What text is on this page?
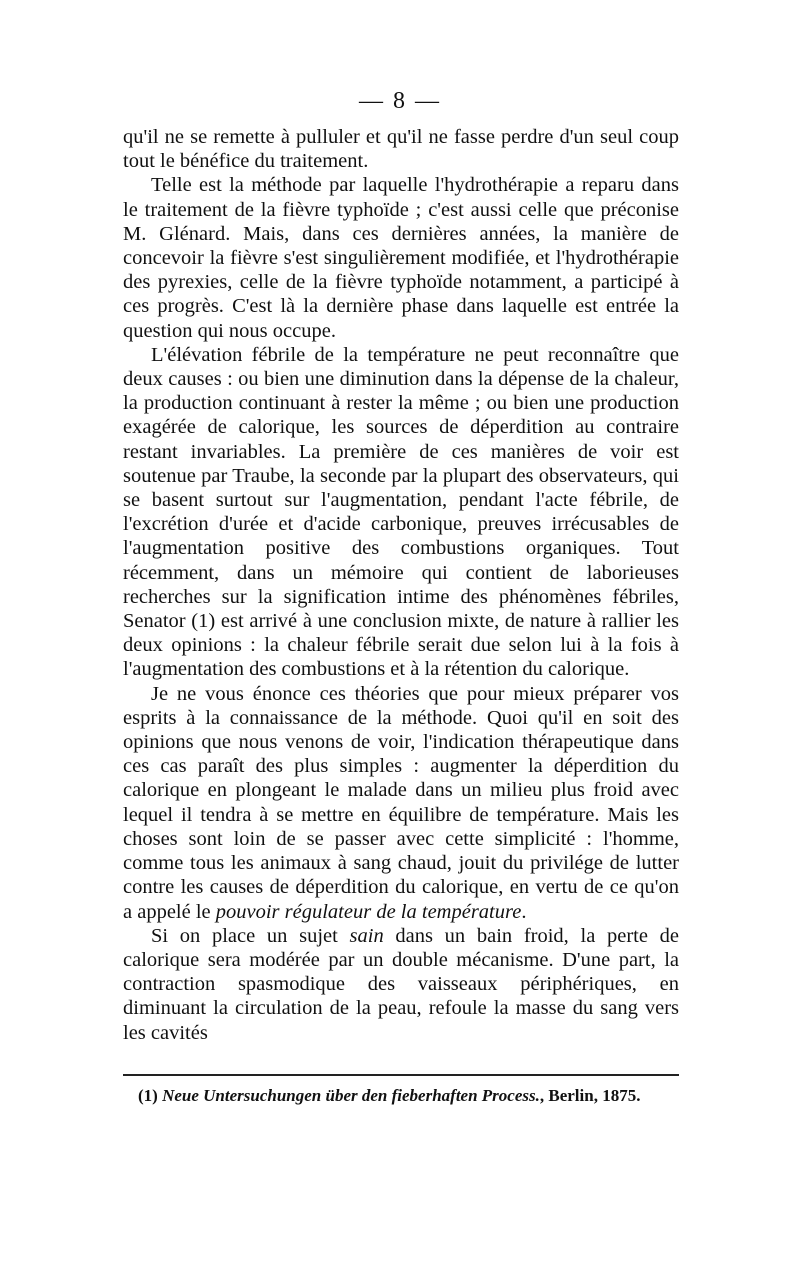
— 8 —

qu'il ne se remette à pulluler et qu'il ne fasse perdre d'un seul coup tout le bénéfice du traitement.

Telle est la méthode par laquelle l'hydrothérapie a reparu dans le traitement de la fièvre typhoïde ; c'est aussi celle que préconise M. Glénard. Mais, dans ces dernières années, la manière de concevoir la fièvre s'est singulièrement modifiée, et l'hydrothérapie des pyrexies, celle de la fièvre typhoïde notamment, a participé à ces progrès. C'est là la dernière phase dans laquelle est entrée la question qui nous occupe.

L'élévation fébrile de la température ne peut reconnaître que deux causes : ou bien une diminution dans la dépense de la chaleur, la production continuant à rester la même ; ou bien une production exagérée de calorique, les sources de déperdition au contraire restant invariables. La première de ces manières de voir est soutenue par Traube, la seconde par la plupart des observateurs, qui se basent surtout sur l'augmentation, pendant l'acte fébrile, de l'excrétion d'urée et d'acide carbonique, preuves irrécusables de l'augmentation positive des combustions organiques. Tout récemment, dans un mémoire qui contient de laborieuses recherches sur la signification intime des phénomènes fébriles, Senator (1) est arrivé à une conclusion mixte, de nature à rallier les deux opinions : la chaleur fébrile serait due selon lui à la fois à l'augmentation des combustions et à la rétention du calorique.

Je ne vous énonce ces théories que pour mieux préparer vos esprits à la connaissance de la méthode. Quoi qu'il en soit des opinions que nous venons de voir, l'indication thérapeutique dans ces cas paraît des plus simples : augmenter la déperdition du calorique en plongeant le malade dans un milieu plus froid avec lequel il tendra à se mettre en équilibre de température. Mais les choses sont loin de se passer avec cette simplicité : l'homme, comme tous les animaux à sang chaud, jouit du privilége de lutter contre les causes de déperdition du calorique, en vertu de ce qu'on a appelé le pouvoir régulateur de la température.

Si on place un sujet sain dans un bain froid, la perte de calorique sera modérée par un double mécanisme. D'une part, la contraction spasmodique des vaisseaux périphériques, en diminuant la circulation de la peau, refoule la masse du sang vers les cavités

(1) Neue Untersuchungen über den fieberhaften Process., Berlin, 1875.
